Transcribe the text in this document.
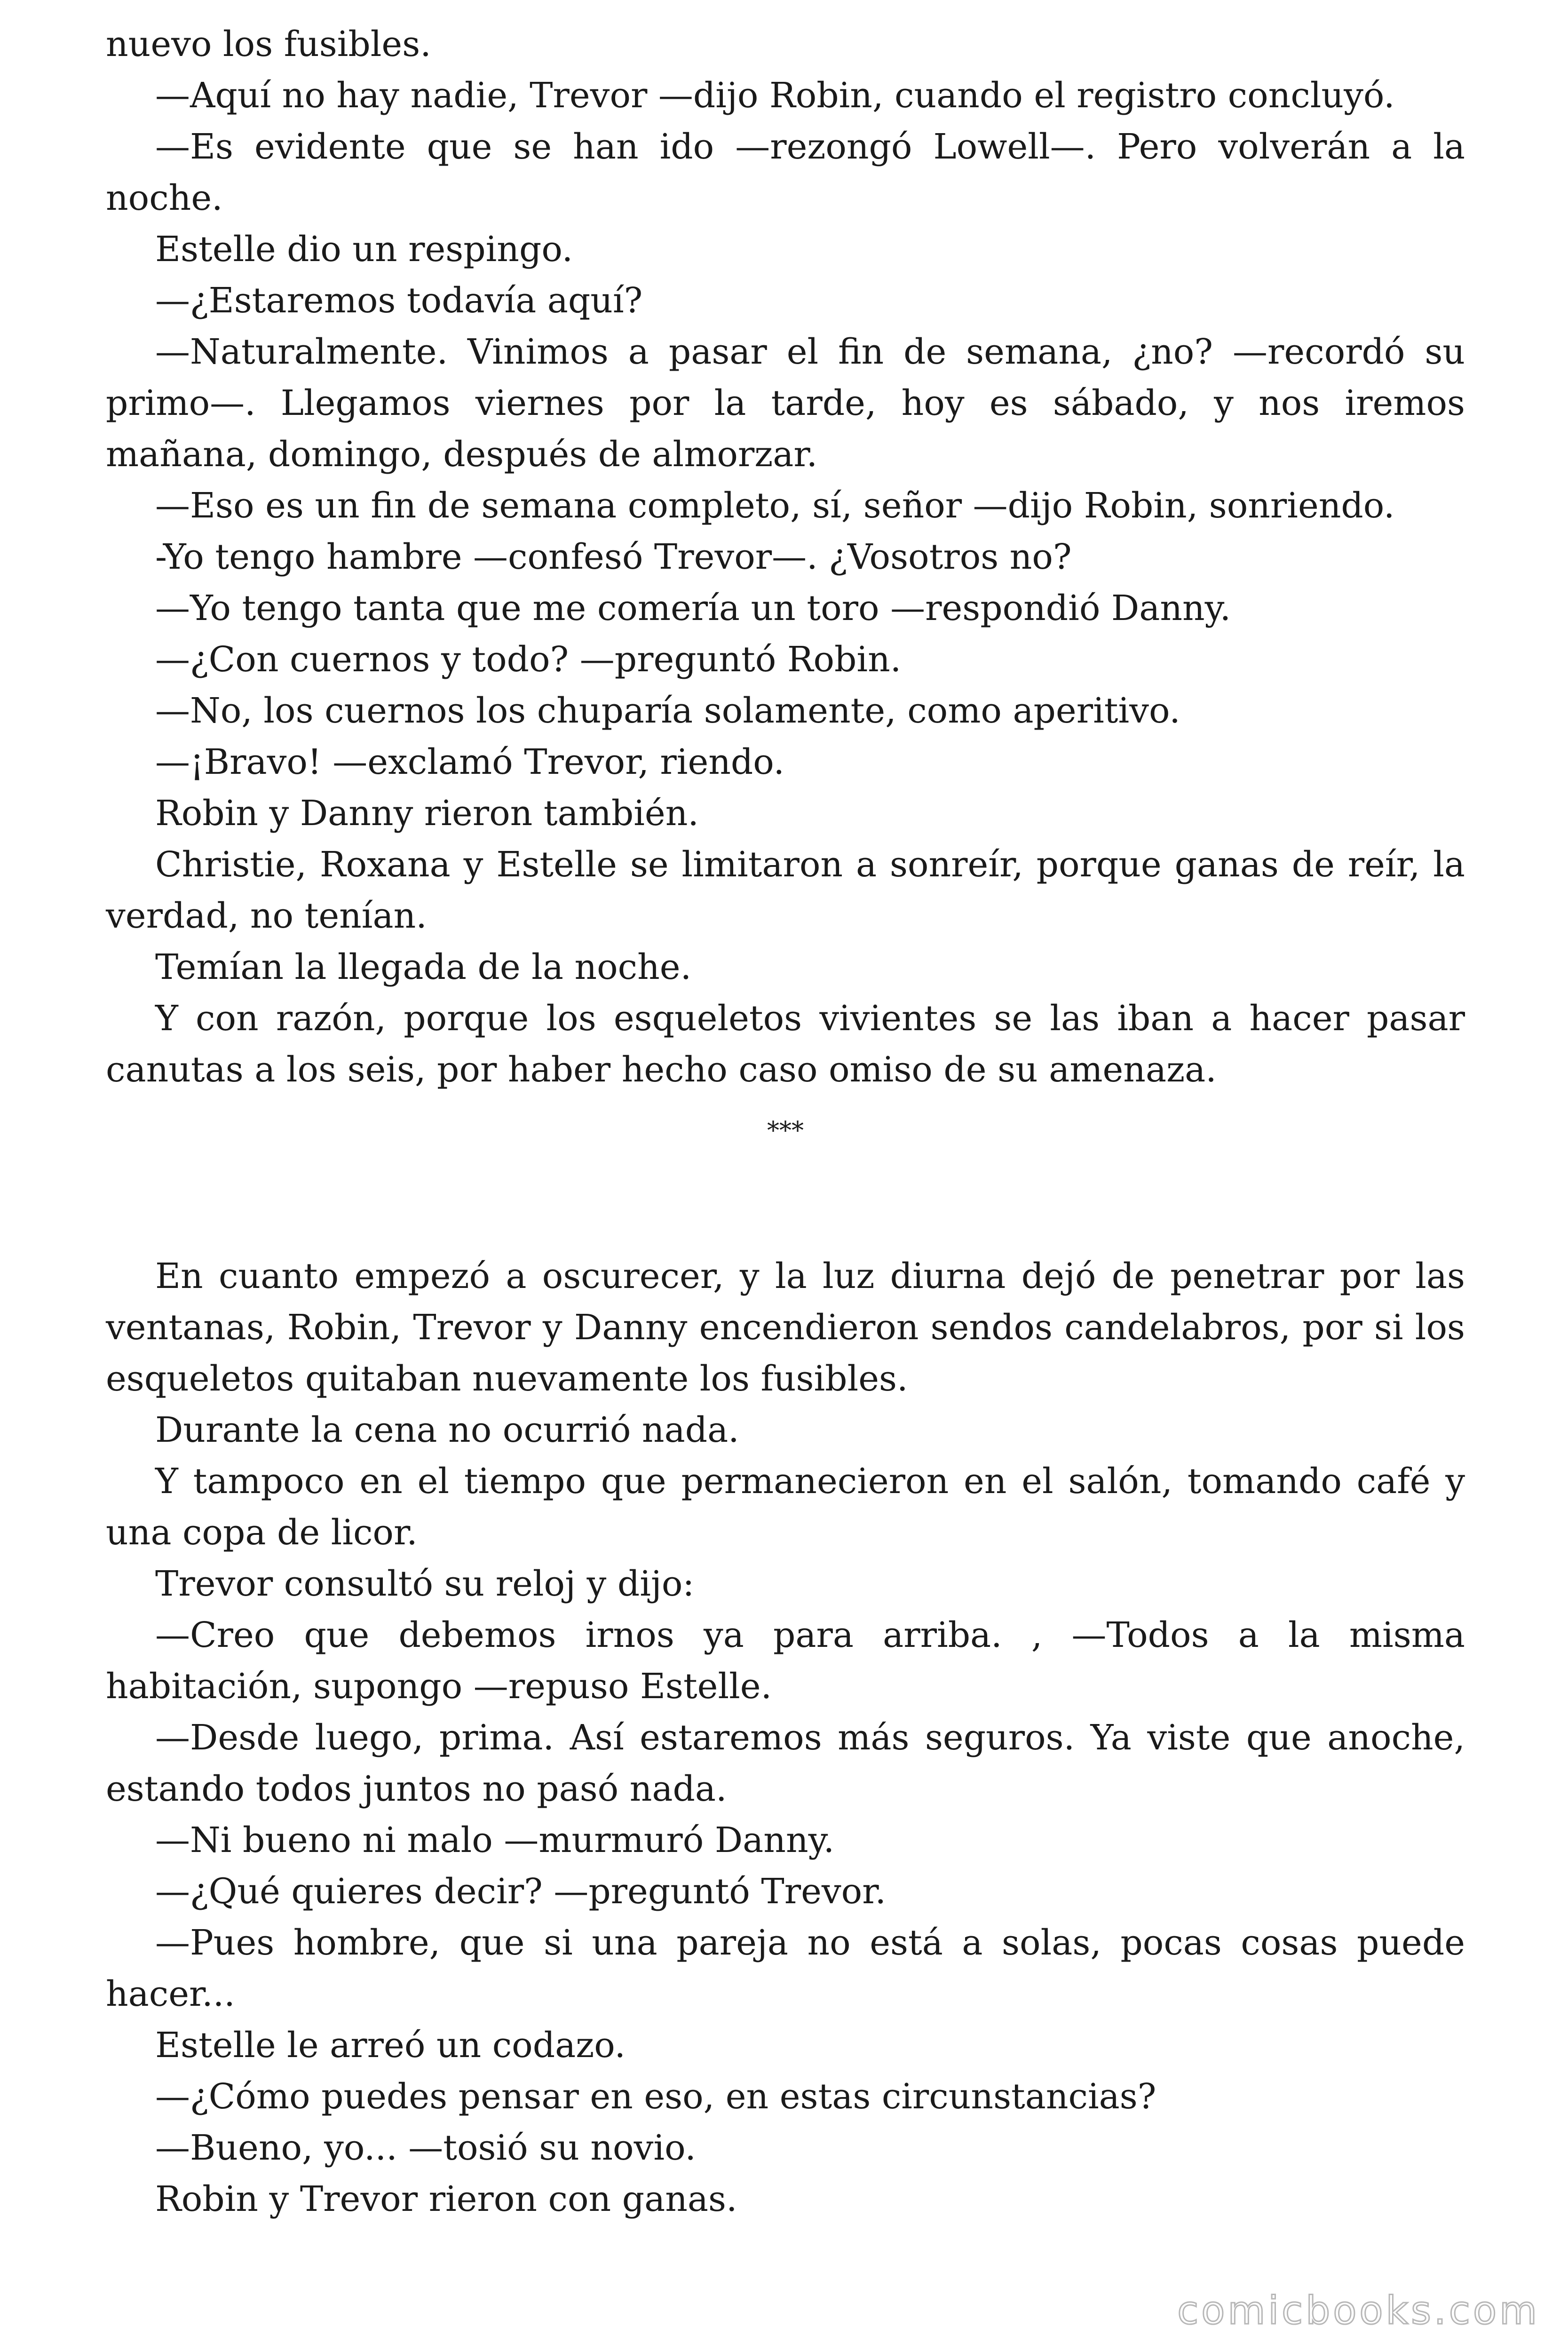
nuevo los fusibles.

—Aquí no hay nadie, Trevor —dijo Robin, cuando el registro concluyó.

—Es evidente que se han ido —rezongó Lowell—. Pero volverán a la noche.

Estelle dio un respingo.

—¿Estaremos todavía aquí?

—Naturalmente. Vinimos a pasar el fin de semana, ¿no? —recordó su primo—. Llegamos viernes por la tarde, hoy es sábado, y nos iremos mañana, domingo, después de almorzar.

—Eso es un fin de semana completo, sí, señor —dijo Robin, sonriendo.

-Yo tengo hambre —confesó Trevor—. ¿Vosotros no?

—Yo tengo tanta que me comería un toro —respondió Danny.

—¿Con cuernos y todo? —preguntó Robin.

—No, los cuernos los chuparía solamente, como aperitivo.

—¡Bravo! —exclamó Trevor, riendo.

Robin y Danny rieron también.

Christie, Roxana y Estelle se limitaron a sonreír, porque ganas de reír, la verdad, no tenían.

Temían la llegada de la noche.

Y con razón, porque los esqueletos vivientes se las iban a hacer pasar canutas a los seis, por haber hecho caso omiso de su amenaza.

***

En cuanto empezó a oscurecer, y la luz diurna dejó de penetrar por las ventanas, Robin, Trevor y Danny encendieron sendos candelabros, por si los esqueletos quitaban nuevamente los fusibles.

Durante la cena no ocurrió nada.

Y tampoco en el tiempo que permanecieron en el salón, tomando café y una copa de licor.

Trevor consultó su reloj y dijo:

—Creo que debemos irnos ya para arriba. , —Todos a la misma habitación, supongo —repuso Estelle.

—Desde luego, prima. Así estaremos más seguros. Ya viste que anoche, estando todos juntos no pasó nada.

—Ni bueno ni malo —murmuró Danny.

—¿Qué quieres decir? —preguntó Trevor.

—Pues hombre, que si una pareja no está a solas, pocas cosas puede hacer...

Estelle le arreó un codazo.

—¿Cómo puedes pensar en eso, en estas circunstancias?

—Bueno, yo... —tosió su novio.

Robin y Trevor rieron con ganas.

comicbooks.com
